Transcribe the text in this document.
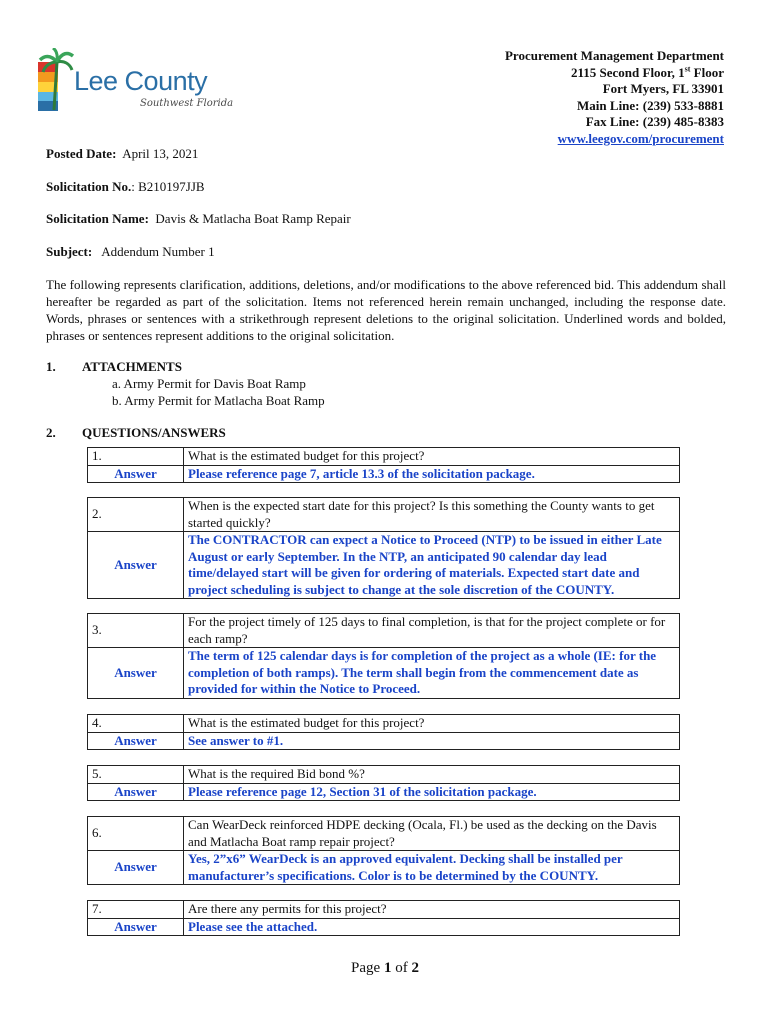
Lee County
Southwest Florida
Procurement Management Department
2115 Second Floor, 1st Floor
Fort Myers, FL 33901
Main Line: (239) 533-8881
Fax Line: (239) 485-8383
www.leegov.com/procurement
Posted Date: April 13, 2021
Solicitation No.: B210197JJB
Solicitation Name: Davis & Matlacha Boat Ramp Repair
Subject: Addendum Number 1
The following represents clarification, additions, deletions, and/or modifications to the above referenced bid. This addendum shall hereafter be regarded as part of the solicitation. Items not referenced herein remain unchanged, including the response date. Words, phrases or sentences with a strikethrough represent deletions to the original solicitation. Underlined words and bolded, phrases or sentences represent additions to the original solicitation.
1. ATTACHMENTS
a. Army Permit for Davis Boat Ramp
b. Army Permit for Matlacha Boat Ramp
2. QUESTIONS/ANSWERS
1.	What is the estimated budget for this project?
Answer	Please reference page 7, article 13.3 of the solicitation package.
2.	When is the expected start date for this project? Is this something the County wants to get started quickly?
Answer	The CONTRACTOR can expect a Notice to Proceed (NTP) to be issued in either Late August or early September. In the NTP, an anticipated 90 calendar day lead time/delayed start will be given for ordering of materials. Expected start date and project scheduling is subject to change at the sole discretion of the COUNTY.
3.	For the project timely of 125 days to final completion, is that for the project complete or for each ramp?
Answer	The term of 125 calendar days is for completion of the project as a whole (IE: for the completion of both ramps). The term shall begin from the commencement date as provided for within the Notice to Proceed.
4.	What is the estimated budget for this project?
Answer	See answer to #1.
5.	What is the required Bid bond %?
Answer	Please reference page 12, Section 31 of the solicitation package.
6.	Can WearDeck reinforced HDPE decking (Ocala, Fl.) be used as the decking on the Davis and Matlacha Boat ramp repair project?
Answer	Yes, 2”x6” WearDeck is an approved equivalent. Decking shall be installed per manufacturer’s specifications. Color is to be determined by the COUNTY.
7.	Are there any permits for this project?
Answer	Please see the attached.
Page 1 of 2
